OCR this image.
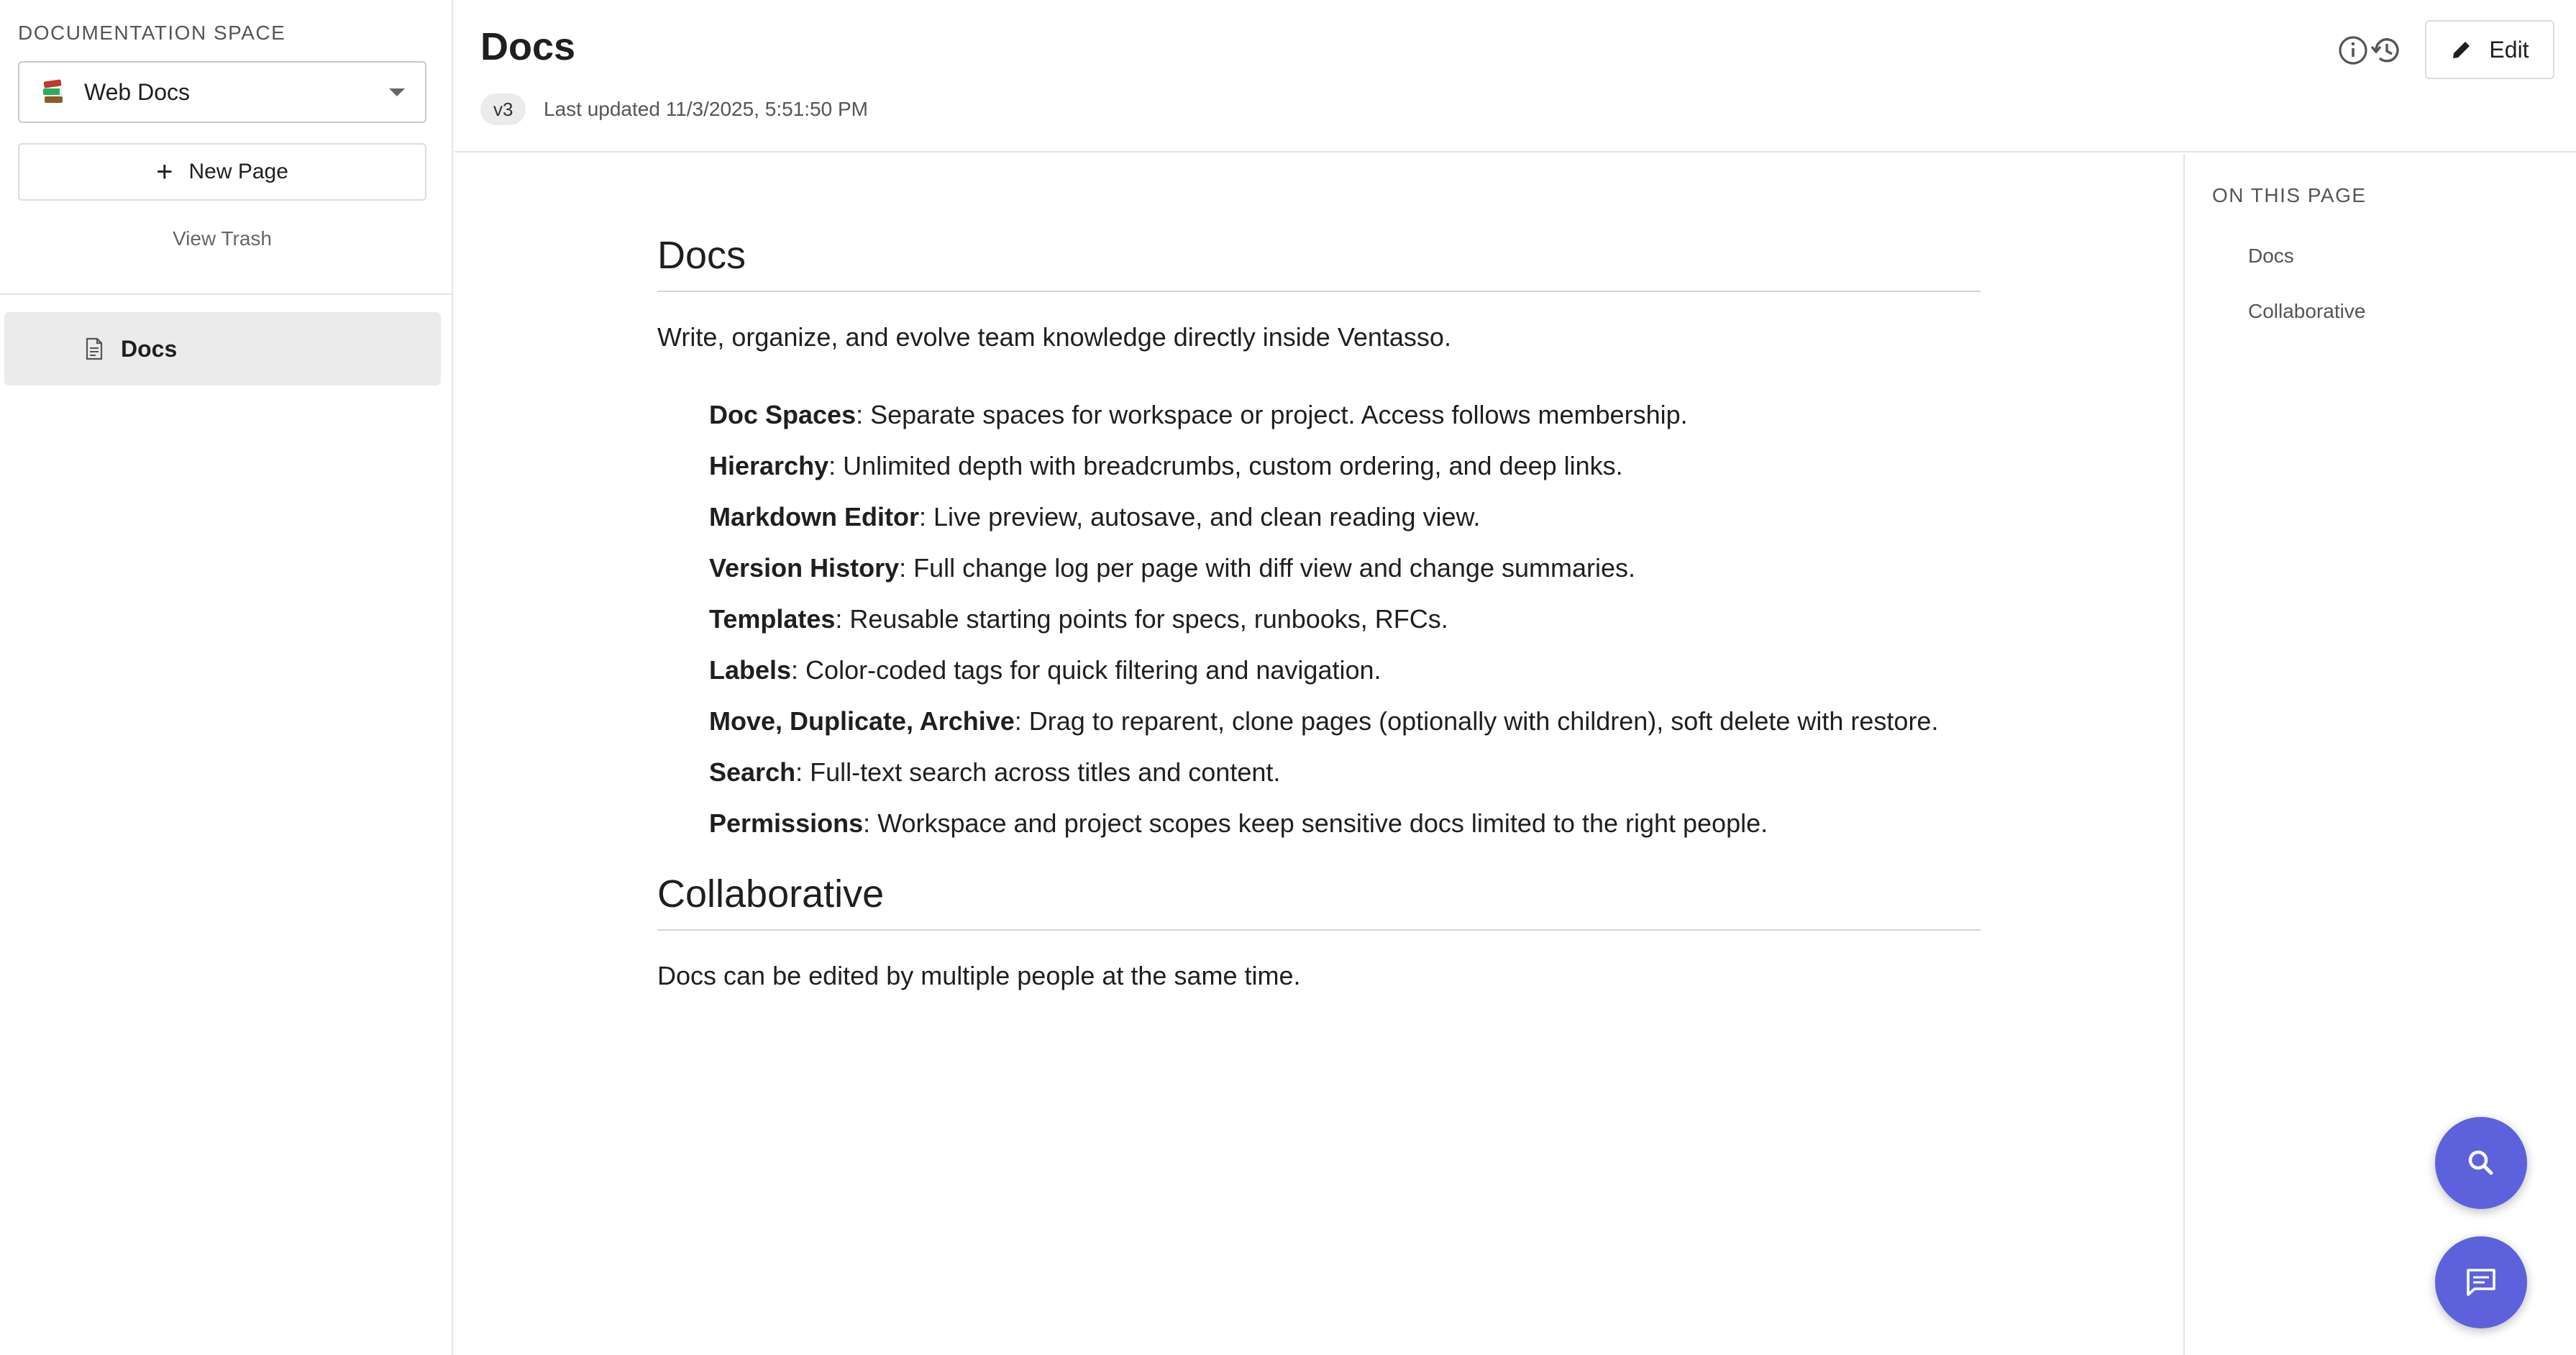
DOCUMENTATION SPACE
Web Docs
+ New Page
View Trash
Docs
Docs
v3	Last updated 11/3/2025, 5:51:50 PM
Edit
Docs

Write, organize, and evolve team knowledge directly inside Ventasso.

Doc Spaces: Separate spaces for workspace or project. Access follows membership.
Hierarchy: Unlimited depth with breadcrumbs, custom ordering, and deep links.
Markdown Editor: Live preview, autosave, and clean reading view.
Version History: Full change log per page with diff view and change summaries.
Templates: Reusable starting points for specs, runbooks, RFCs.
Labels: Color-coded tags for quick filtering and navigation.
Move, Duplicate, Archive: Drag to reparent, clone pages (optionally with children), soft delete with restore.
Search: Full-text search across titles and content.
Permissions: Workspace and project scopes keep sensitive docs limited to the right people.
Collaborative

Docs can be edited by multiple people at the same time.

ON THIS PAGE
Docs
Collaborative
